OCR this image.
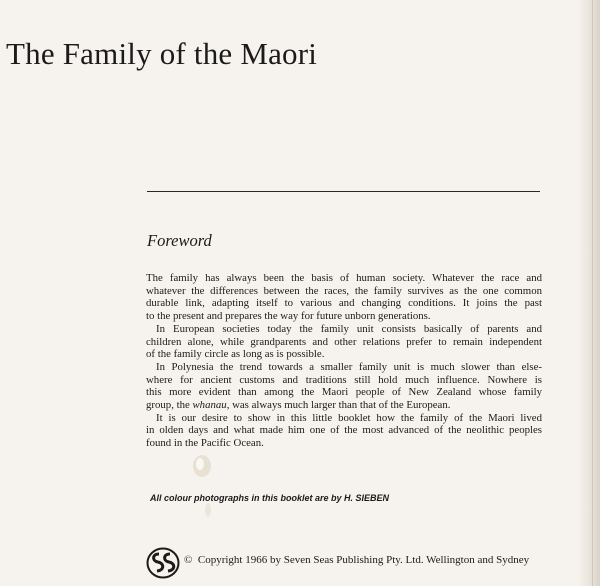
The Family of the Maori
Foreword
The family has always been the basis of human society. Whatever the race and
whatever the differences between the races, the family survives as the one common
durable link, adapting itself to various and changing conditions. It joins the past
to the present and prepares the way for future unborn generations.
In European societies today the family unit consists basically of parents and
children alone, while grandparents and other relations prefer to remain independent
of the family circle as long as is possible.
In Polynesia the trend towards a smaller family unit is much slower than else-
where for ancient customs and traditions still hold much influence. Nowhere is
this more evident than among the Maori people of New Zealand whose family
group, the whanau, was always much larger than that of the European.
It is our desire to show in this little booklet how the family of the Maori lived
in olden days and what made him one of the most advanced of the neolithic peoples
found in the Pacific Ocean.
All colour photographs in this booklet are by H. SIEBEN
© Copyright 1966 by Seven Seas Publishing Pty. Ltd. Wellington and Sydney
